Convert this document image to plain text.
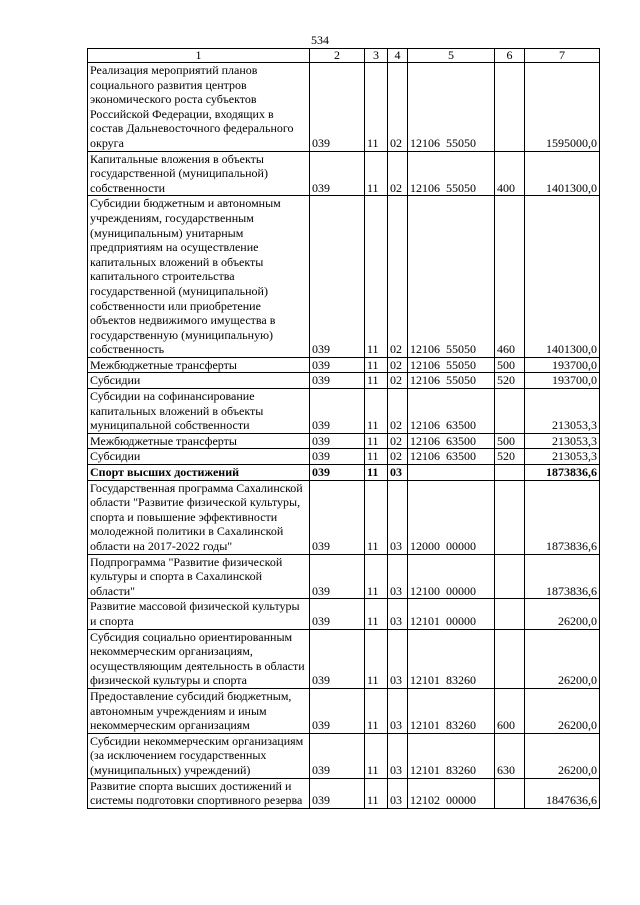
534
1	2	3	4	5	6	7
Реализация мероприятий планов социального развития центров экономического роста субъектов Российской Федерации, входящих в состав Дальневосточного федерального округа	039	11	02	12106  55050		1595000,0
Капитальные вложения в объекты государственной (муниципальной) собственности	039	11	02	12106  55050	400	1401300,0
Субсидии бюджетным и автономным учреждениям, государственным (муниципальным) унитарным предприятиям на осуществление капитальных вложений в объекты капитального строительства государственной (муниципальной) собственности или приобретение объектов недвижимого имущества в государственную (муниципальную) собственность	039	11	02	12106  55050	460	1401300,0
Межбюджетные трансферты	039	11	02	12106  55050	500	193700,0
Субсидии	039	11	02	12106  55050	520	193700,0
Субсидии на софинансирование капитальных вложений в объекты муниципальной собственности	039	11	02	12106  63500		213053,3
Межбюджетные трансферты	039	11	02	12106  63500	500	213053,3
Субсидии	039	11	02	12106  63500	520	213053,3
Спорт высших достижений	039	11	03			1873836,6
Государственная программа Сахалинской области "Развитие физической культуры, спорта и повышение эффективности молодежной политики в Сахалинской области на 2017-2022 годы"	039	11	03	12000  00000		1873836,6
Подпрограмма "Развитие физической культуры и спорта в Сахалинской области"	039	11	03	12100  00000		1873836,6
Развитие массовой физической культуры и спорта	039	11	03	12101  00000		26200,0
Субсидия социально ориентированным некоммерческим организациям, осуществляющим деятельность в области физической культуры и спорта	039	11	03	12101  83260		26200,0
Предоставление субсидий бюджетным, автономным учреждениям и иным некоммерческим организациям	039	11	03	12101  83260	600	26200,0
Субсидии некоммерческим организациям (за исключением государственных (муниципальных) учреждений)	039	11	03	12101  83260	630	26200,0
Развитие спорта высших достижений и системы подготовки спортивного резерва	039	11	03	12102  00000		1847636,6
